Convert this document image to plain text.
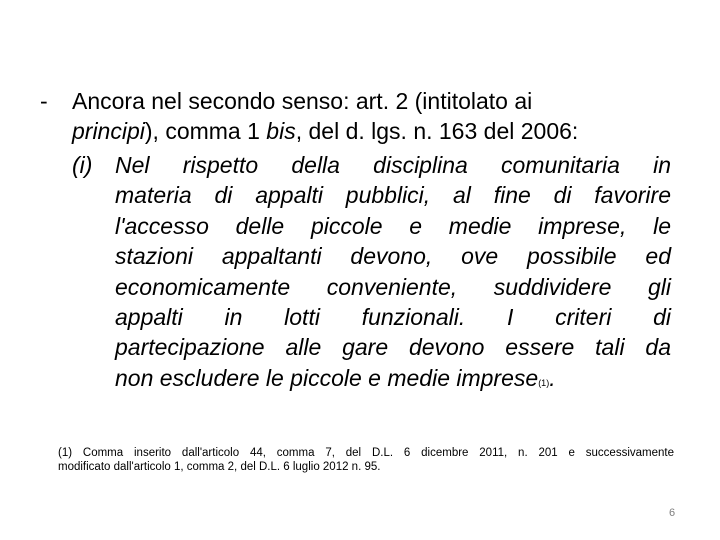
- Ancora nel secondo senso: art. 2 (intitolato ai
principi), comma 1 bis, del d. lgs. n. 163 del 2006:
(i) Nel rispetto della disciplina comunitaria in
materia di appalti pubblici, al fine di favorire
l'accesso delle piccole e medie imprese, le
stazioni appaltanti devono, ove possibile ed
economicamente conveniente, suddividere gli
appalti in lotti funzionali. I criteri di
partecipazione alle gare devono essere tali da
non escludere le piccole e medie imprese(1).
(1) Comma inserito dall'articolo 44, comma 7, del D.L. 6 dicembre 2011, n. 201 e successivamente
modificato dall'articolo 1, comma 2, del D.L. 6 luglio 2012 n. 95.
6
